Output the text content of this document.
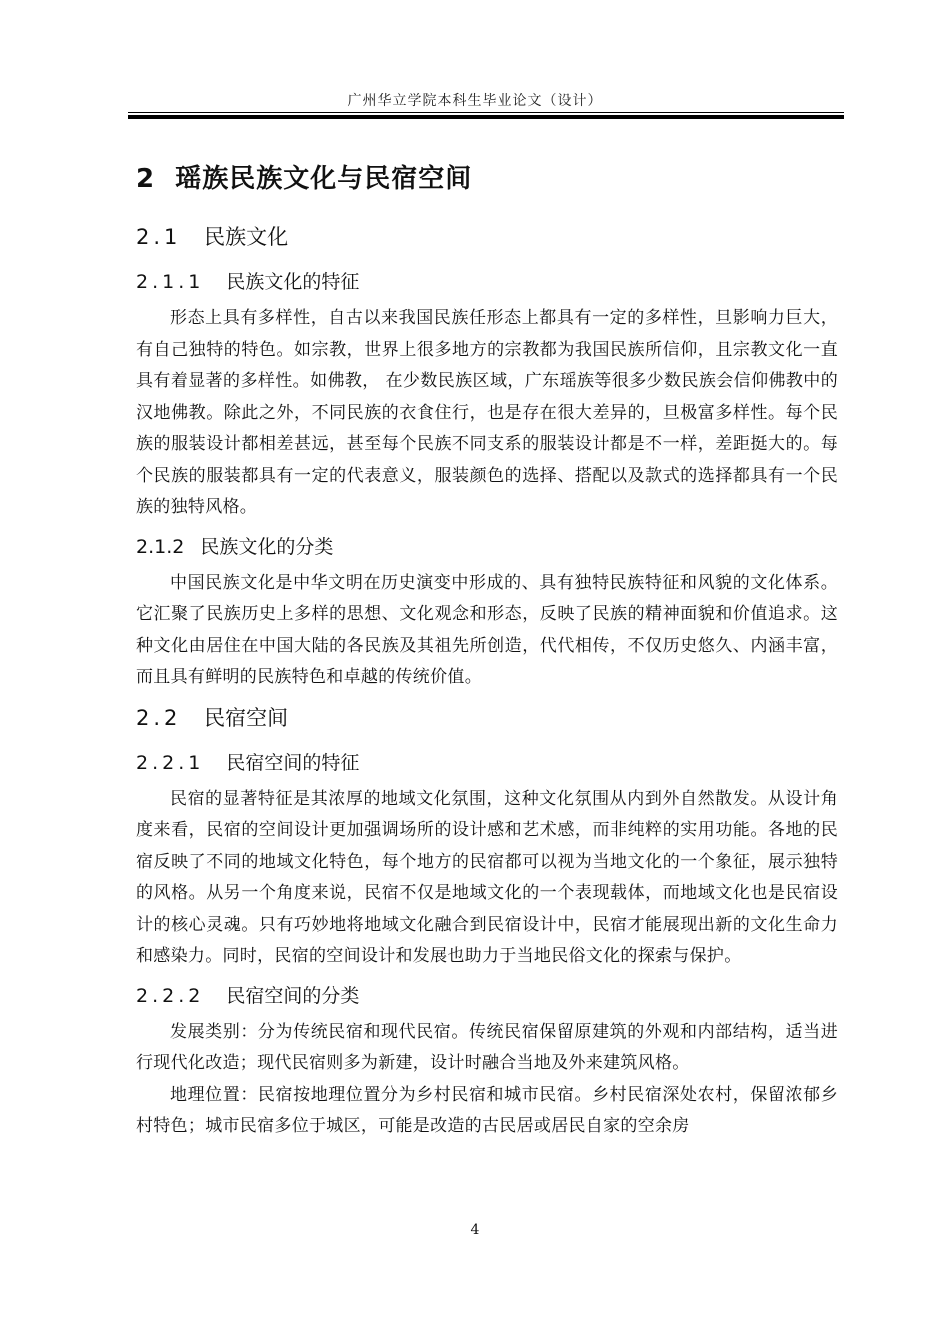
广州华立学院本科生毕业论文（设计）
2 瑶族民族文化与民宿空间
2.1 民族文化
2.1.1 民族文化的特征

形态上具有多样性，自古以来我国民族任形态上都具有一定的多样性，旦影响力巨大，有自己独特的特色。如宗教，世界上很多地方的宗教都为我国民族所信仰，且宗教文化一直具有着显著的多样性。如佛教， 在少数民族区域，广东瑶族等很多少数民族会信仰佛教中的汉地佛教。除此之外，不同民族的衣食住行，也是存在很大差异的，旦极富多样性。每个民族的服装设计都相差甚远，甚至每个民族不同支系的服装设计都是不一样，差距挺大的。每个民族的服装都具有一定的代表意义，服装颜色的选择、搭配以及款式的选择都具有一个民族的独特风格。

2.1.2 民族文化的分类

中国民族文化是中华文明在历史演变中形成的、具有独特民族特征和风貌的文化体系。它汇聚了民族历史上多样的思想、文化观念和形态，反映了民族的精神面貌和价值追求。这种文化由居住在中国大陆的各民族及其祖先所创造，代代相传，不仅历史悠久、内涵丰富，而且具有鲜明的民族特色和卓越的传统价值。

2.2 民宿空间
2.2.1 民宿空间的特征

民宿的显著特征是其浓厚的地域文化氛围，这种文化氛围从内到外自然散发。从设计角度来看，民宿的空间设计更加强调场所的设计感和艺术感，而非纯粹的实用功能。各地的民宿反映了不同的地域文化特色，每个地方的民宿都可以视为当地文化的一个象征，展示独特的风格。从另一个角度来说，民宿不仅是地域文化的一个表现载体，而地域文化也是民宿设计的核心灵魂。只有巧妙地将地域文化融合到民宿设计中，民宿才能展现出新的文化生命力和感染力。同时，民宿的空间设计和发展也助力于当地民俗文化的探索与保护。

2.2.2 民宿空间的分类

发展类别：分为传统民宿和现代民宿。传统民宿保留原建筑的外观和内部结构，适当进行现代化改造；现代民宿则多为新建，设计时融合当地及外来建筑风格。

地理位置：民宿按地理位置分为乡村民宿和城市民宿。乡村民宿深处农村，保留浓郁乡村特色；城市民宿多位于城区，可能是改造的古民居或居民自家的空余房

4
